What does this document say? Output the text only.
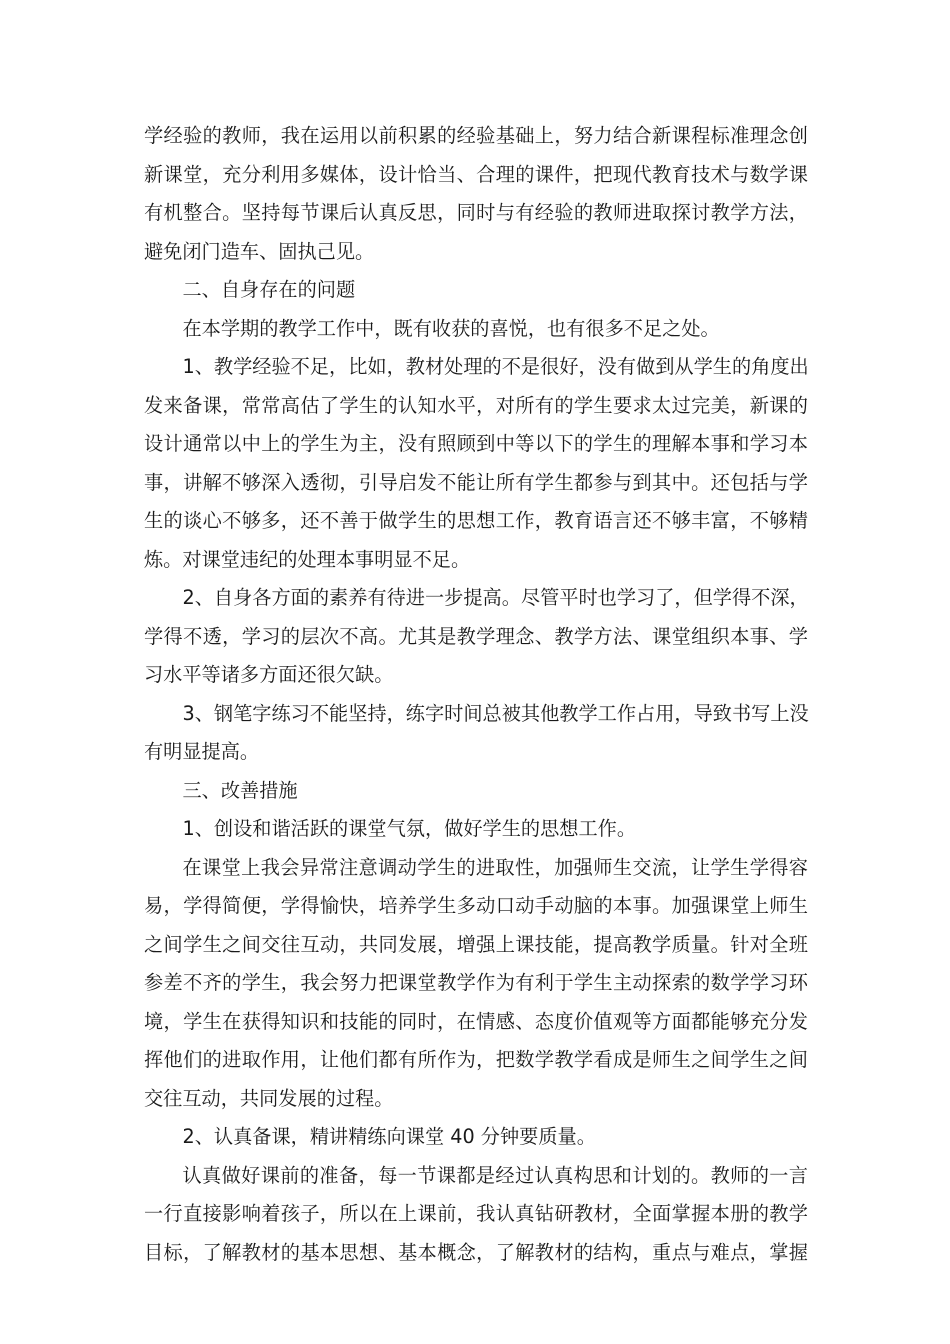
学经验的教师，我在运用以前积累的经验基础上，努力结合新课程标准理念创
新课堂，充分利用多媒体，设计恰当、合理的课件，把现代教育技术与数学课
有机整合。坚持每节课后认真反思，同时与有经验的教师进取探讨教学方法，
避免闭门造车、固执己见。
二、自身存在的问题
在本学期的教学工作中，既有收获的喜悦，也有很多不足之处。
1、教学经验不足，比如，教材处理的不是很好，没有做到从学生的角度出
发来备课，常常高估了学生的认知水平，对所有的学生要求太过完美，新课的
设计通常以中上的学生为主，没有照顾到中等以下的学生的理解本事和学习本
事，讲解不够深入透彻，引导启发不能让所有学生都参与到其中。还包括与学
生的谈心不够多，还不善于做学生的思想工作，教育语言还不够丰富，不够精
炼。对课堂违纪的处理本事明显不足。
2、自身各方面的素养有待进一步提高。尽管平时也学习了，但学得不深，
学得不透，学习的层次不高。尤其是教学理念、教学方法、课堂组织本事、学
习水平等诸多方面还很欠缺。
3、钢笔字练习不能坚持，练字时间总被其他教学工作占用，导致书写上没
有明显提高。
三、改善措施
1、创设和谐活跃的课堂气氛，做好学生的思想工作。
在课堂上我会异常注意调动学生的进取性，加强师生交流，让学生学得容
易，学得简便，学得愉快，培养学生多动口动手动脑的本事。加强课堂上师生
之间学生之间交往互动，共同发展，增强上课技能，提高教学质量。针对全班
参差不齐的学生，我会努力把课堂教学作为有利于学生主动探索的数学学习环
境，学生在获得知识和技能的同时，在情感、态度价值观等方面都能够充分发
挥他们的进取作用，让他们都有所作为，把数学教学看成是师生之间学生之间
交往互动，共同发展的过程。
2、认真备课，精讲精练向课堂 40 分钟要质量。
认真做好课前的准备，每一节课都是经过认真构思和计划的。教师的一言
一行直接影响着孩子，所以在上课前，我认真钻研教材，全面掌握本册的教学
目标，了解教材的基本思想、基本概念，了解教材的结构，重点与难点，掌握
